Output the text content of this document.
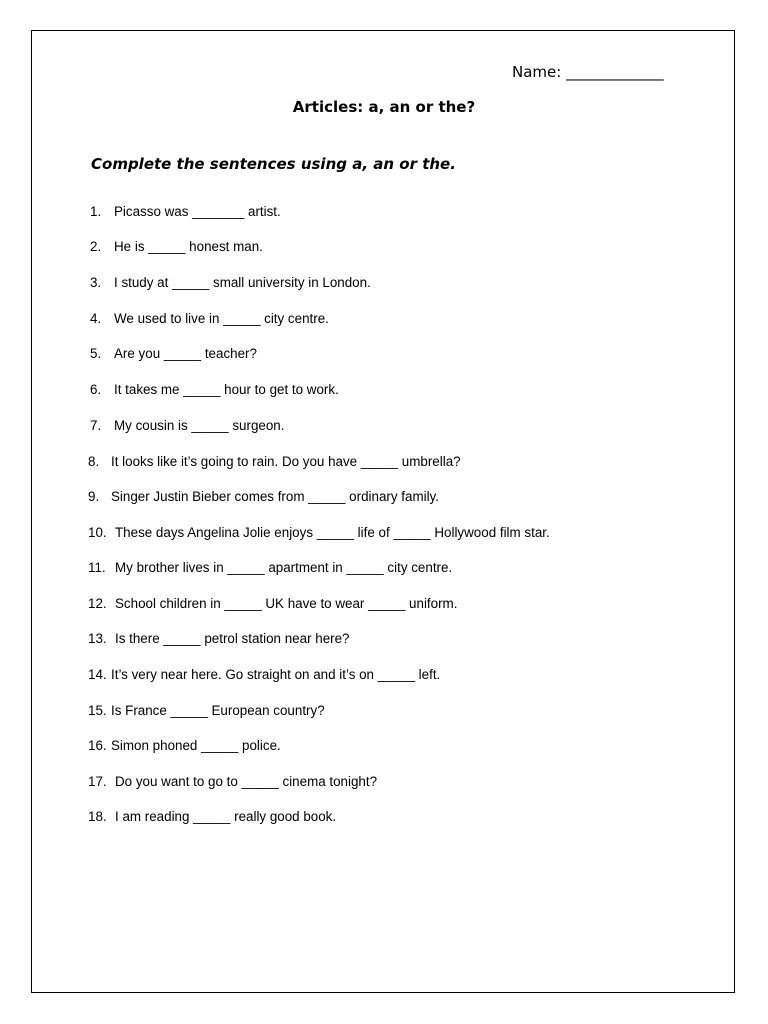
Name: _____________
Articles: a, an or the?
Complete the sentences using a, an or the.
1. Picasso was _______ artist.
2. He is _____ honest man.
3. I study at _____ small university in London.
4. We used to live in _____ city centre.
5. Are you _____ teacher?
6. It takes me _____ hour to get to work.
7. My cousin is _____ surgeon.
8. It looks like it’s going to rain. Do you have _____ umbrella?
9. Singer Justin Bieber comes from _____ ordinary family.
10. These days Angelina Jolie enjoys _____ life of _____ Hollywood film star.
11. My brother lives in _____ apartment in _____ city centre.
12. School children in _____ UK have to wear _____ uniform.
13. Is there _____ petrol station near here?
14. It’s very near here. Go straight on and it’s on _____ left.
15. Is France _____ European country?
16. Simon phoned _____ police.
17. Do you want to go to _____ cinema tonight?
18. I am reading _____ really good book.
